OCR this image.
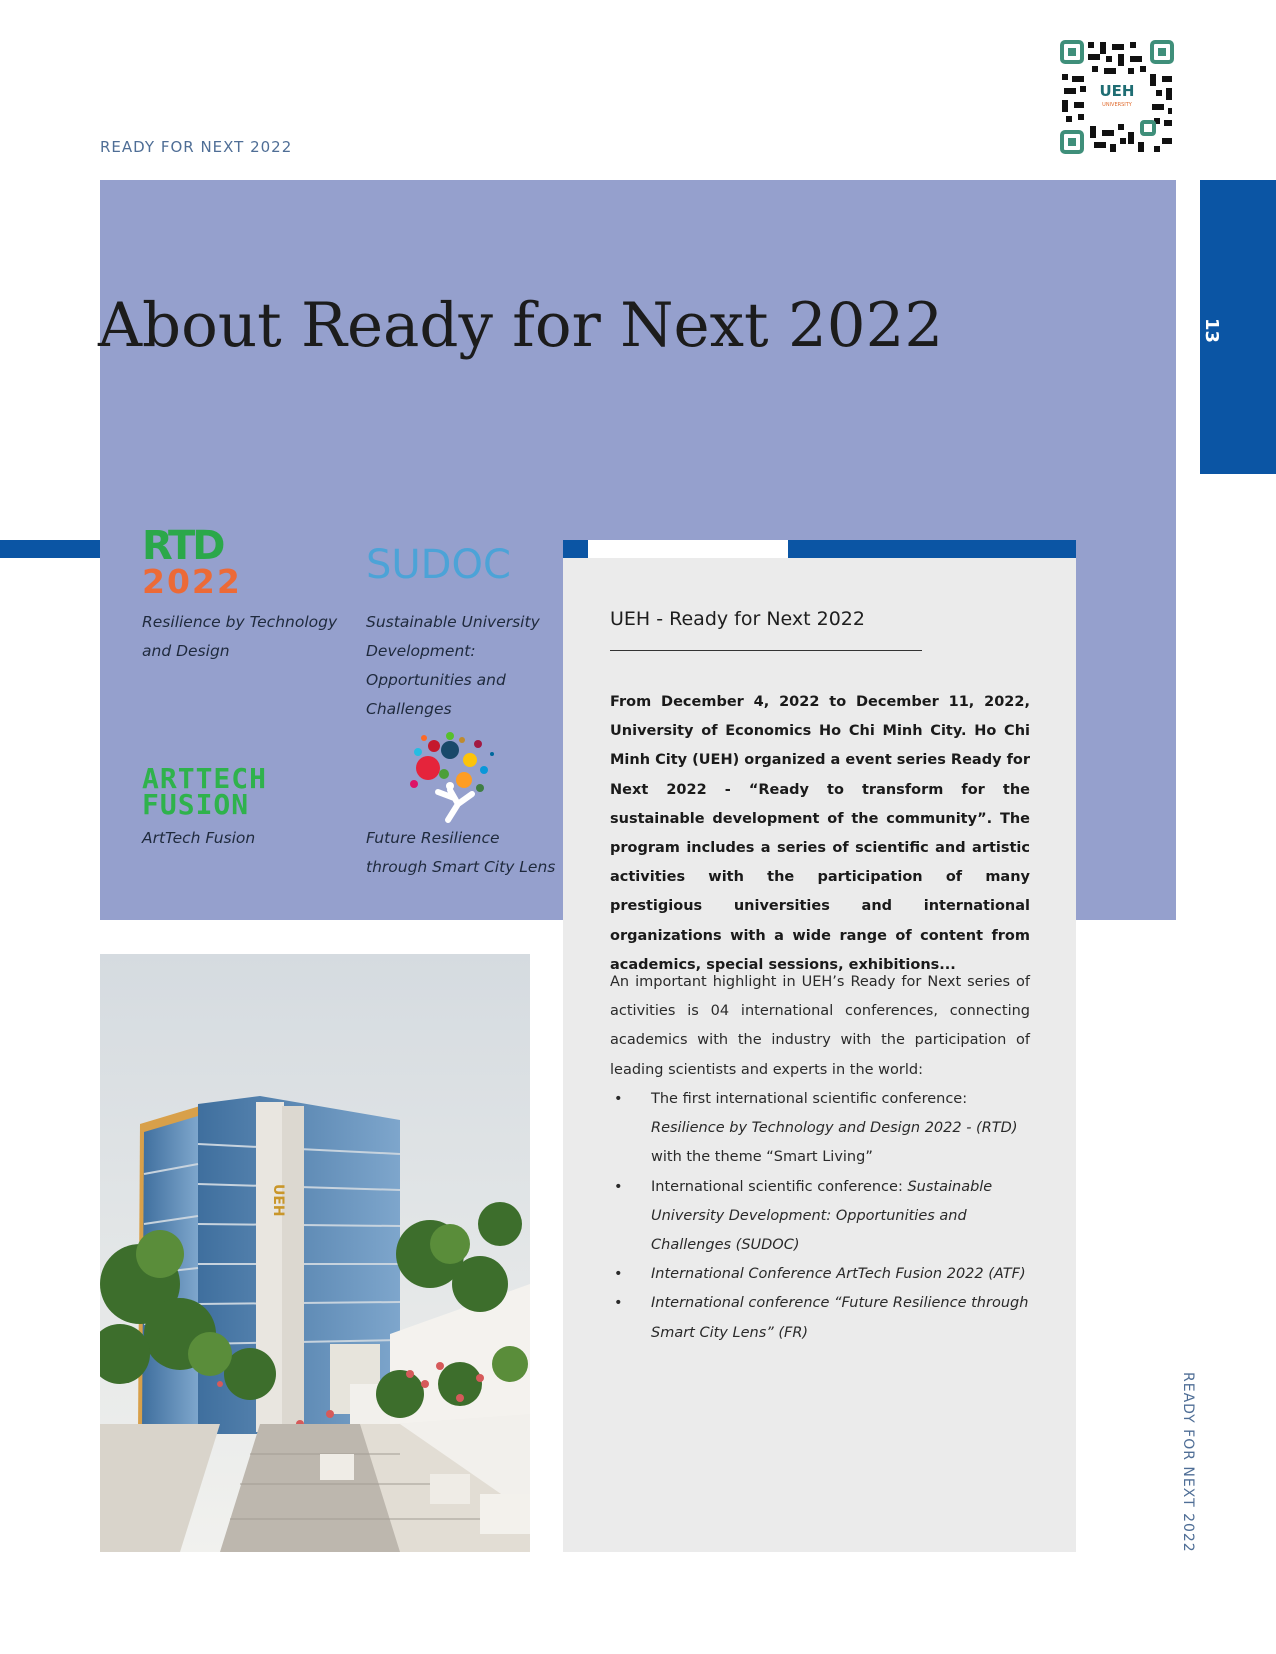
READY FOR NEXT 2022
UEH
UNIVERSITY
13
About Ready for Next 2022
RTD
2022
Resilience by Technology
and Design
SUDOC
Sustainable University
Development:
Opportunities and
Challenges
ARTTECH
FUSION
ArtTech Fusion	Future Resilience
through Smart City Lens
UEH - Ready for Next 2022
From December 4, 2022 to December 11, 2022, University of Economics Ho Chi Minh City. Ho Chi Minh City (UEH) organized a event series Ready for Next 2022 - “Ready to transform for the sustainable development of the community”. The program includes a series of scientific and artistic activities with the participation of many prestigious universities and international organizations with a wide range of content from academics, special sessions, exhibitions...
An important highlight in UEH’s Ready for Next series of activities is 04 international conferences, connecting academics with the industry with the participation of leading scientists and experts in the world:
• The first international scientific conference:
Resilience by Technology and Design 2022 - (RTD)
with the theme “Smart Living”
• International scientific conference: Sustainable University Development: Opportunities and Challenges (SUDOC)
• International Conference ArtTech Fusion 2022 (ATF)
• International conference “Future Resilience through Smart City Lens” (FR)
UEH
READY FOR NEXT 2022
